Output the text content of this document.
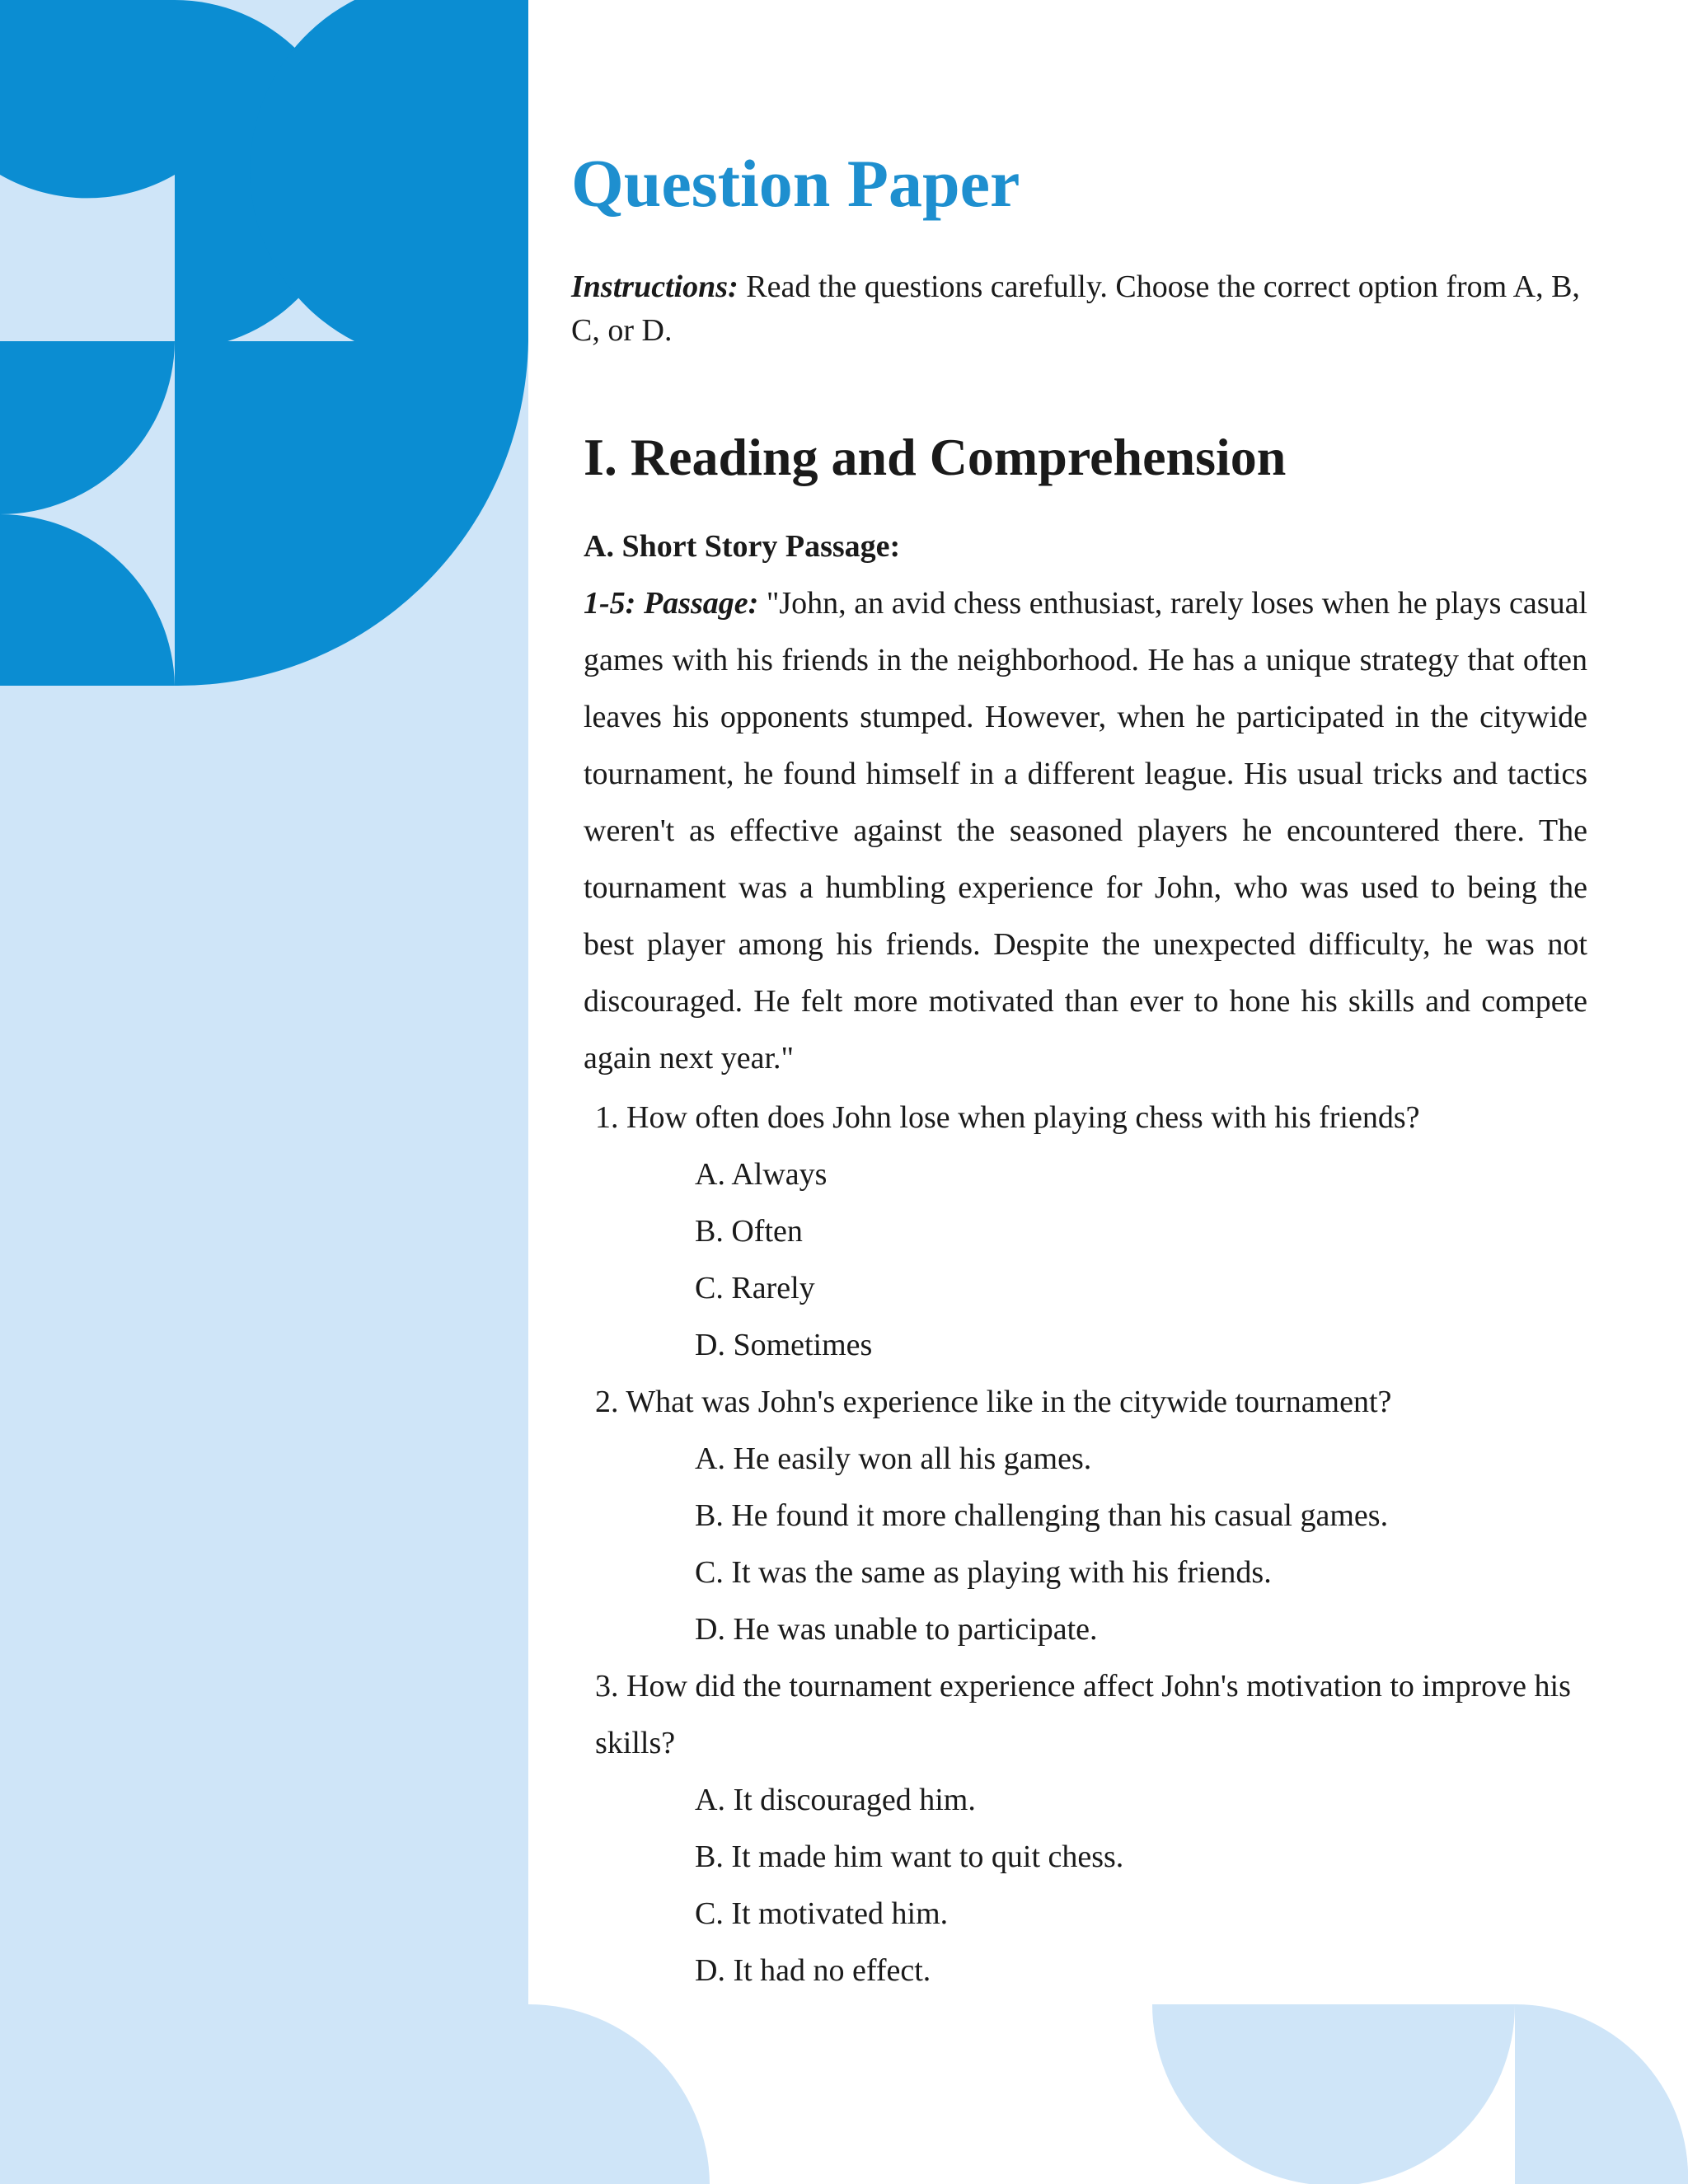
Question Paper

Instructions: Read the questions carefully. Choose the correct option from A, B, C, or D.

I. Reading and Comprehension

A. Short Story Passage:

1-5: Passage: "John, an avid chess enthusiast, rarely loses when he plays casual games with his friends in the neighborhood. He has a unique strategy that often leaves his opponents stumped. However, when he participated in the citywide tournament, he found himself in a different league. His usual tricks and tactics weren't as effective against the seasoned players he encountered there. The tournament was a humbling experience for John, who was used to being the best player among his friends. Despite the unexpected difficulty, he was not discouraged. He felt more motivated than ever to hone his skills and compete again next year."

1. How often does John lose when playing chess with his friends?

A. Always

B. Often

C. Rarely

D. Sometimes

2. What was John's experience like in the citywide tournament?

A. He easily won all his games.

B. He found it more challenging than his casual games.

C. It was the same as playing with his friends.

D. He was unable to participate.

3. How did the tournament experience affect John's motivation to improve his skills?

A. It discouraged him.

B. It made him want to quit chess.

C. It motivated him.

D. It had no effect.
